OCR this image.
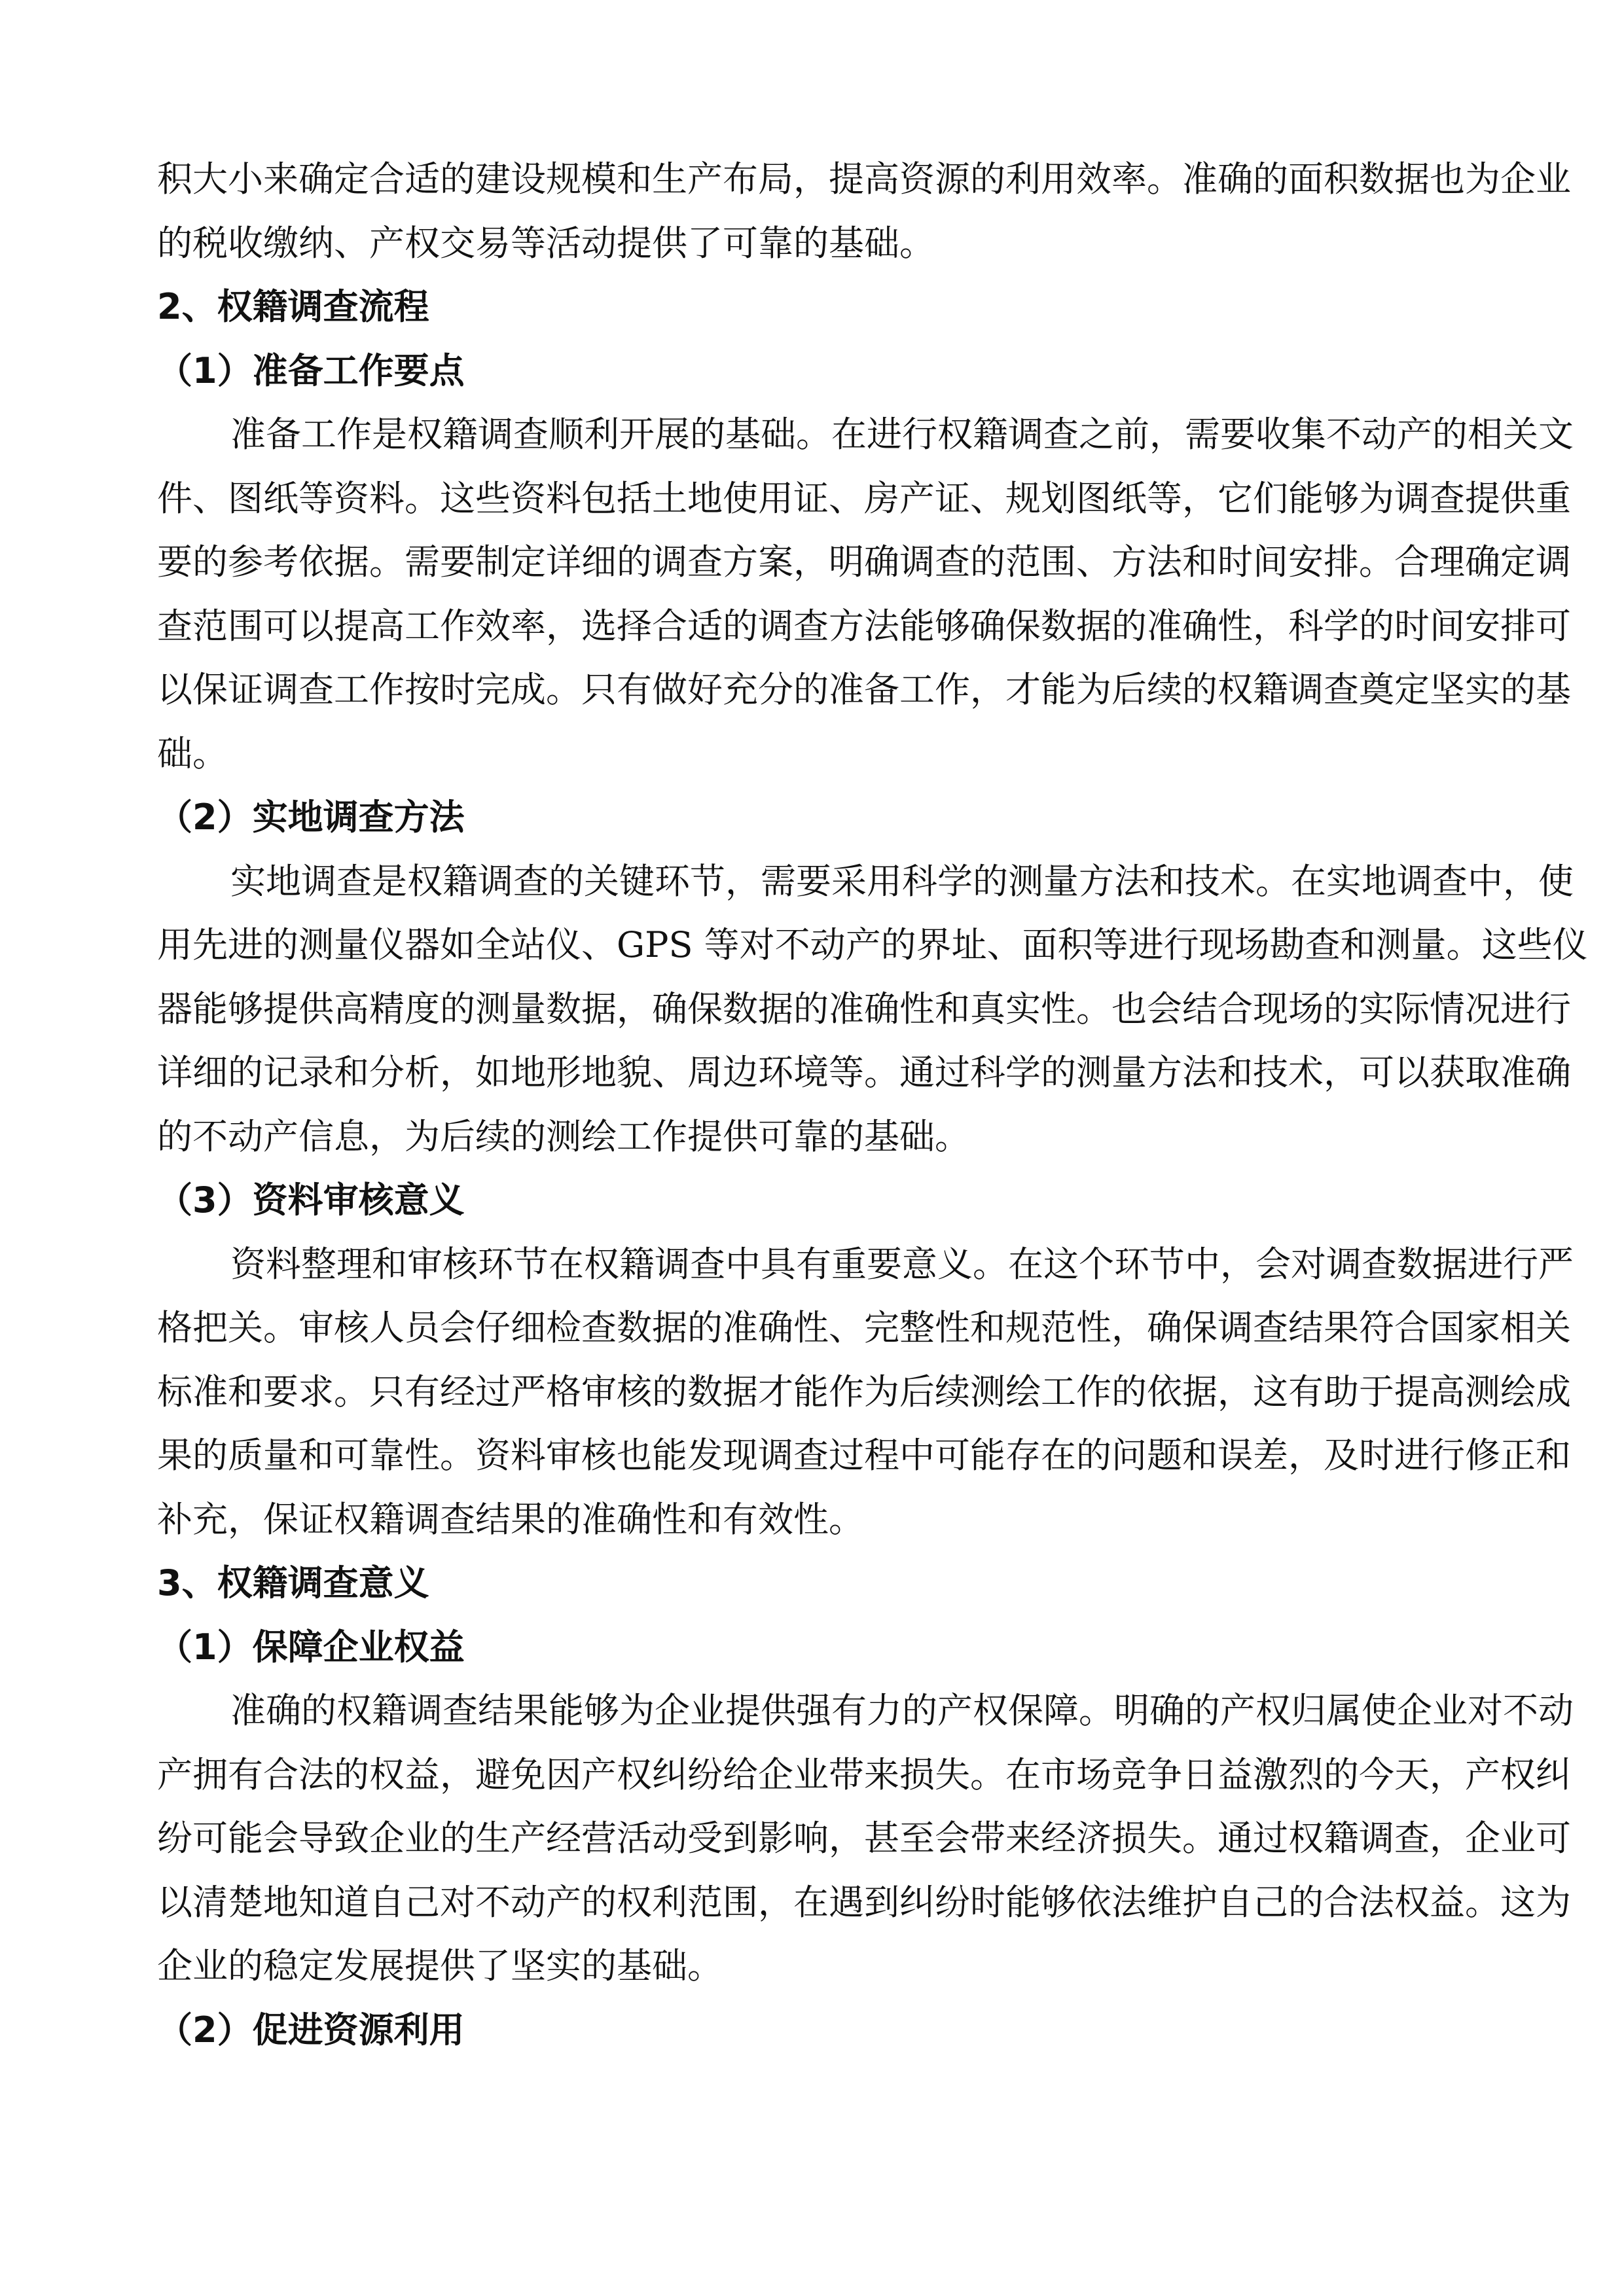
积大小来确定合适的建设规模和生产布局，提高资源的利用效率。准确的面积数据也为企业
的税收缴纳、产权交易等活动提供了可靠的基础。
2、权籍调查流程
（1）准备工作要点
准备工作是权籍调查顺利开展的基础。在进行权籍调查之前，需要收集不动产的相关文
件、图纸等资料。这些资料包括土地使用证、房产证、规划图纸等，它们能够为调查提供重
要的参考依据。需要制定详细的调查方案，明确调查的范围、方法和时间安排。合理确定调
查范围可以提高工作效率，选择合适的调查方法能够确保数据的准确性，科学的时间安排可
以保证调查工作按时完成。只有做好充分的准备工作，才能为后续的权籍调查奠定坚实的基
础。
（2）实地调查方法
实地调查是权籍调查的关键环节，需要采用科学的测量方法和技术。在实地调查中，使
用先进的测量仪器如全站仪、GPS 等对不动产的界址、面积等进行现场勘查和测量。这些仪
器能够提供高精度的测量数据，确保数据的准确性和真实性。也会结合现场的实际情况进行
详细的记录和分析，如地形地貌、周边环境等。通过科学的测量方法和技术，可以获取准确
的不动产信息，为后续的测绘工作提供可靠的基础。
（3）资料审核意义
资料整理和审核环节在权籍调查中具有重要意义。在这个环节中，会对调查数据进行严
格把关。审核人员会仔细检查数据的准确性、完整性和规范性，确保调查结果符合国家相关
标准和要求。只有经过严格审核的数据才能作为后续测绘工作的依据，这有助于提高测绘成
果的质量和可靠性。资料审核也能发现调查过程中可能存在的问题和误差，及时进行修正和
补充，保证权籍调查结果的准确性和有效性。
3、权籍调查意义
（1）保障企业权益
准确的权籍调查结果能够为企业提供强有力的产权保障。明确的产权归属使企业对不动
产拥有合法的权益，避免因产权纠纷给企业带来损失。在市场竞争日益激烈的今天，产权纠
纷可能会导致企业的生产经营活动受到影响，甚至会带来经济损失。通过权籍调查，企业可
以清楚地知道自己对不动产的权利范围，在遇到纠纷时能够依法维护自己的合法权益。这为
企业的稳定发展提供了坚实的基础。
（2）促进资源利用
